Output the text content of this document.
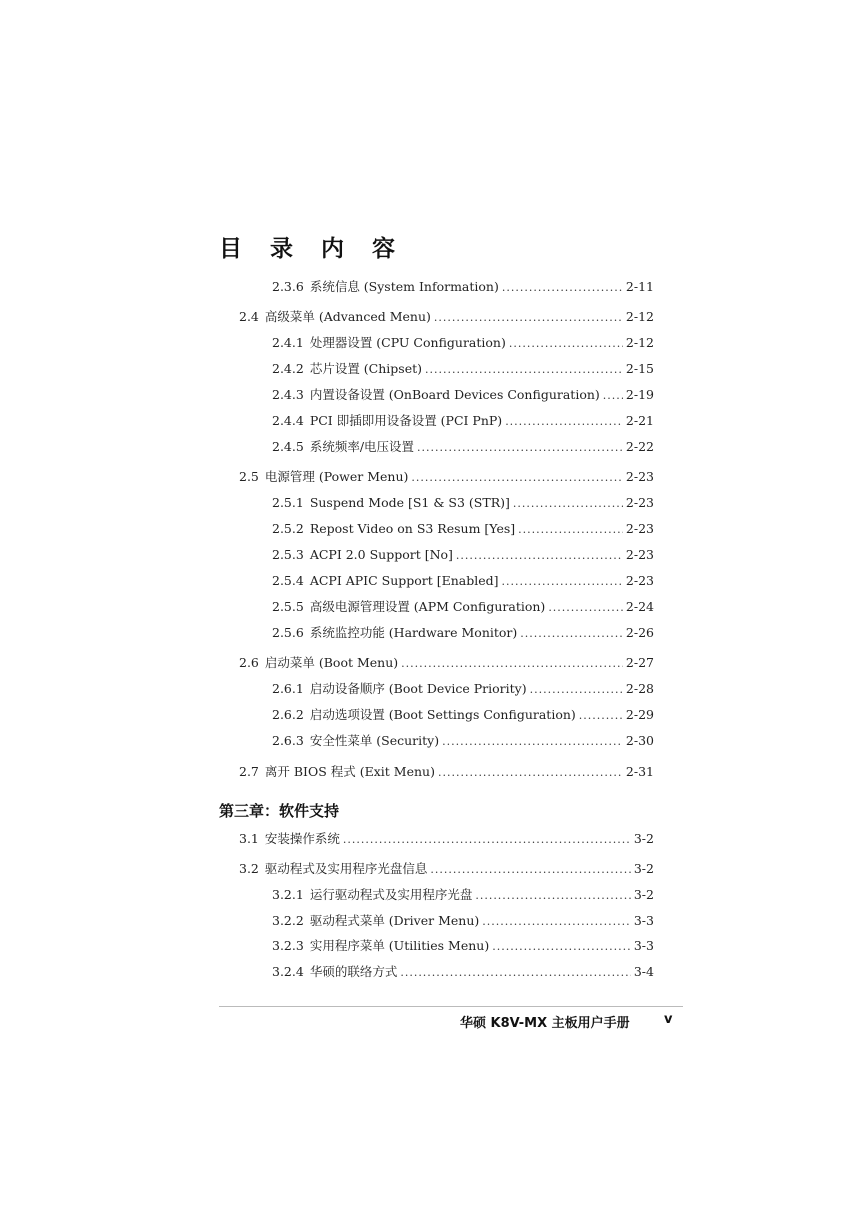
目 录 内 容
2.3.6 系统信息 (System Information) .....	2-11
2.4 高级菜单 (Advanced Menu) .....	2-12
2.4.1 处理器设置 (CPU Configuration) .....	2-12
2.4.2 芯片设置 (Chipset) .....	2-15
2.4.3 内置设备设置 (OnBoard Devices Configuration) ..... 2-19
2.4.4 PCI 即插即用设备设置 (PCI PnP) .....	2-21
2.4.5 系统频率/电压设置 .....	2-22
2.5 电源管理 (Power Menu) .....	2-23
2.5.1 Suspend Mode [S1 & S3 (STR)] .....	2-23
2.5.2 Repost Video on S3 Resum [Yes] .....	2-23
2.5.3 ACPI 2.0 Support [No] .....	2-23
2.5.4 ACPI APIC Support [Enabled] .....	2-23
2.5.5 高级电源管理设置 (APM Configuration) .....	2-24
2.5.6 系统监控功能 (Hardware Monitor) .....	2-26
2.6 启动菜单 (Boot Menu) .....	2-27
2.6.1 启动设备顺序 (Boot Device Priority) .....	2-28
2.6.2 启动选项设置 (Boot Settings Configuration) .....	2-29
2.6.3 安全性菜单 (Security) .....	2-30
2.7 离开 BIOS 程式 (Exit Menu) .....	2-31
第三章：软件支持
3.1 安装操作系统 .....	3-2
3.2 驱动程式及实用程序光盘信息 .....	3-2
3.2.1 运行驱动程式及实用程序光盘 .....	3-2
3.2.2 驱动程式菜单 (Driver Menu) .....	3-3
3.2.3 实用程序菜单 (Utilities Menu) .....	3-3
3.2.4 华硕的联络方式 .....	3-4
华硕 K8V-MX 主板用户手册	v
